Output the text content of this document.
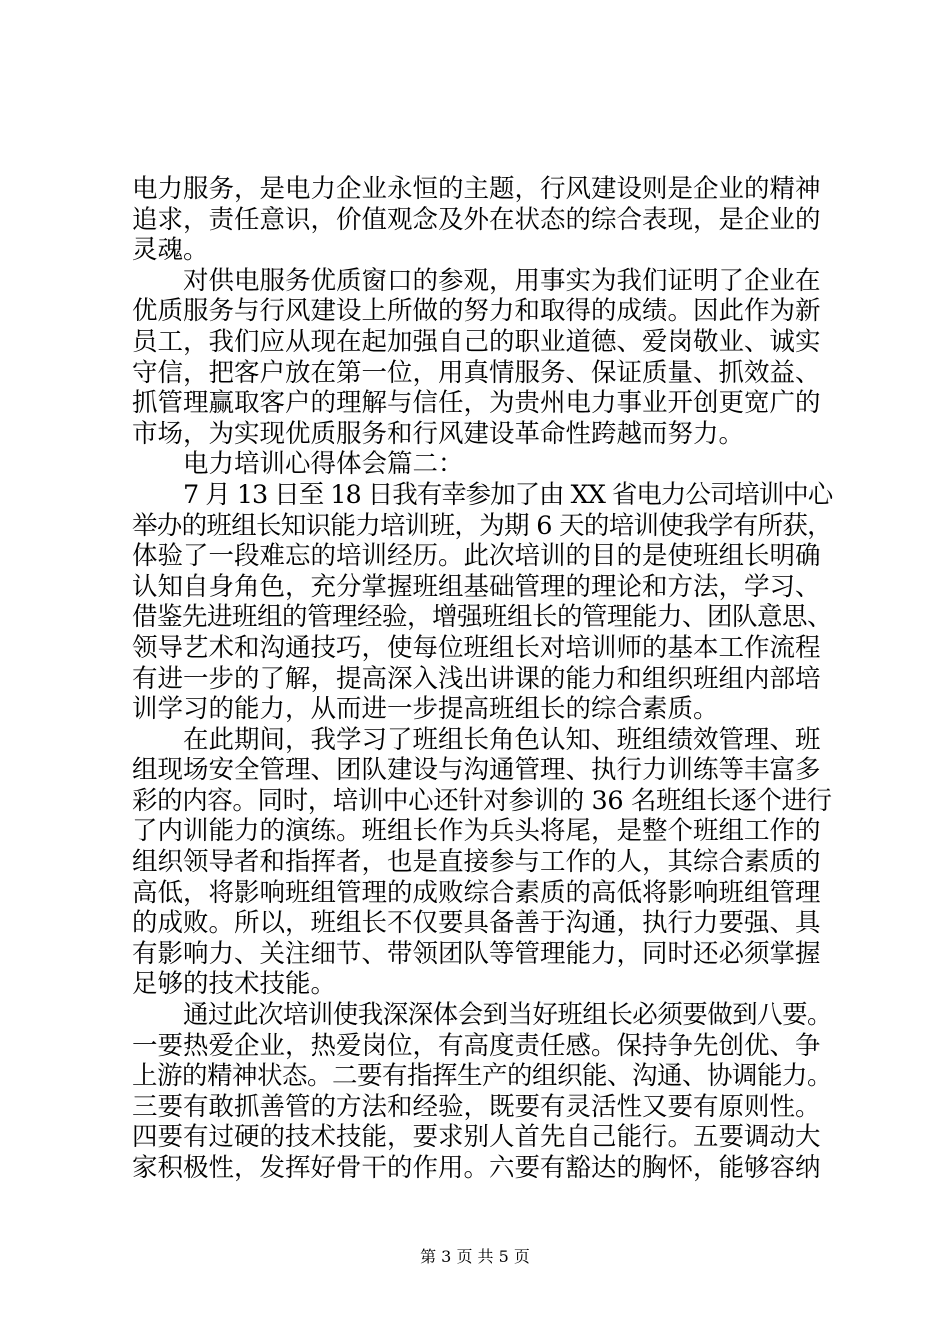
电力服务，是电力企业永恒的主题，行风建设则是企业的精神
追求，责任意识，价值观念及外在状态的综合表现，是企业的
灵魂。
对供电服务优质窗口的参观，用事实为我们证明了企业在
优质服务与行风建设上所做的努力和取得的成绩。因此作为新
员工，我们应从现在起加强自己的职业道德、爱岗敬业、诚实
守信，把客户放在第一位，用真情服务、保证质量、抓效益、
抓管理赢取客户的理解与信任，为贵州电力事业开创更宽广的
市场，为实现优质服务和行风建设革命性跨越而努力。
电力培训心得体会篇二：
7 月 13 日至 18 日我有幸参加了由 XX 省电力公司培训中心
举办的班组长知识能力培训班，为期 6 天的培训使我学有所获，
体验了一段难忘的培训经历。此次培训的目的是使班组长明确
认知自身角色，充分掌握班组基础管理的理论和方法，学习、
借鉴先进班组的管理经验，增强班组长的管理能力、团队意思、
领导艺术和沟通技巧，使每位班组长对培训师的基本工作流程
有进一步的了解，提高深入浅出讲课的能力和组织班组内部培
训学习的能力，从而进一步提高班组长的综合素质。
在此期间，我学习了班组长角色认知、班组绩效管理、班
组现场安全管理、团队建设与沟通管理、执行力训练等丰富多
彩的内容。同时，培训中心还针对参训的 36 名班组长逐个进行
了内训能力的演练。班组长作为兵头将尾，是整个班组工作的
组织领导者和指挥者，也是直接参与工作的人，其综合素质的
高低，将影响班组管理的成败综合素质的高低将影响班组管理
的成败。所以，班组长不仅要具备善于沟通，执行力要强、具
有影响力、关注细节、带领团队等管理能力，同时还必须掌握
足够的技术技能。
通过此次培训使我深深体会到当好班组长必须要做到八要。
一要热爱企业，热爱岗位，有高度责任感。保持争先创优、争
上游的精神状态。二要有指挥生产的组织能、沟通、协调能力。
三要有敢抓善管的方法和经验，既要有灵活性又要有原则性。
四要有过硬的技术技能，要求别人首先自己能行。五要调动大
家积极性，发挥好骨干的作用。六要有豁达的胸怀，能够容纳
第 3 页 共 5 页
